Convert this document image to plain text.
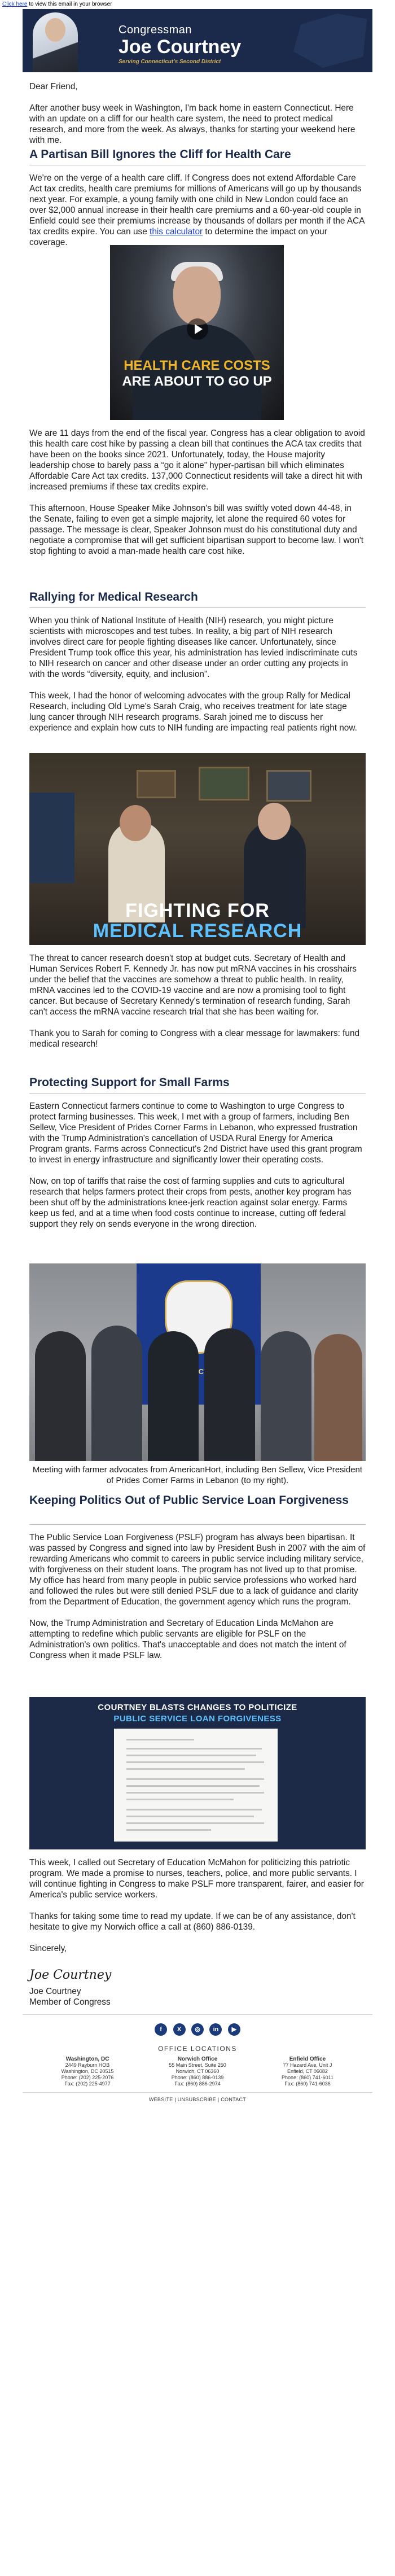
Click here to view this email in your browser
Congressman
Joe Courtney
Serving Connecticut's Second District

Dear Friend,

After another busy week in Washington, I'm back home in eastern Connecticut. Here with an update on a cliff for our health care system, the need to protect medical research, and more from the week. As always, thanks for starting your weekend here with me.

A Partisan Bill Ignores the Cliff for Health Care

We're on the verge of a health care cliff. If Congress does not extend Affordable Care Act tax credits, health care premiums for millions of Americans will go up by thousands next year. For example, a young family with one child in New London could face an over $2,000 annual increase in their health care premiums and a 60-year-old couple in Enfield could see their premiums increase by thousands of dollars per month if the ACA tax credits expire. You can use this calculator to determine the impact on your coverage.

HEALTH CARE COSTS
ARE ABOUT TO GO UP

We are 11 days from the end of the fiscal year. Congress has a clear obligation to avoid this health care cost hike by passing a clean bill that continues the ACA tax credits that have been on the books since 2021. Unfortunately, today, the House majority leadership chose to barely pass a “go it alone” hyper-partisan bill which eliminates Affordable Care Act tax credits. 137,000 Connecticut residents will take a direct hit with increased premiums if these tax credits expire.

This afternoon, House Speaker Mike Johnson's bill was swiftly voted down 44-48, in the Senate, failing to even get a simple majority, let alone the required 60 votes for passage. The message is clear, Speaker Johnson must do his constitutional duty and negotiate a compromise that will get sufficient bipartisan support to become law. I won't stop fighting to avoid a man-made health care cost hike.

Rallying for Medical Research

When you think of National Institute of Health (NIH) research, you might picture scientists with microscopes and test tubes. In reality, a big part of NIH research involves direct care for people fighting diseases like cancer. Unfortunately, since President Trump took office this year, his administration has levied indiscriminate cuts to NIH research on cancer and other disease under an order cutting any projects in with the words “diversity, equity, and inclusion”.

This week, I had the honor of welcoming advocates with the group Rally for Medical Research, including Old Lyme's Sarah Craig, who receives treatment for late stage lung cancer through NIH research programs. Sarah joined me to discuss her experience and explain how cuts to NIH funding are impacting real patients right now.

FIGHTING FOR
MEDICAL RESEARCH

The threat to cancer research doesn't stop at budget cuts. Secretary of Health and Human Services Robert F. Kennedy Jr. has now put mRNA vaccines in his crosshairs under the belief that the vaccines are somehow a threat to public health. In reality, mRNA vaccines led to the COVID-19 vaccine and are now a promising tool to fight cancer. But because of Secretary Kennedy's termination of research funding, Sarah can't access the mRNA vaccine research trial that she has been waiting for.

Thank you to Sarah for coming to Congress with a clear message for lawmakers: fund medical research!

Protecting Support for Small Farms

Eastern Connecticut farmers continue to come to Washington to urge Congress to protect farming businesses. This week, I met with a group of farmers, including Ben Sellew, Vice President of Prides Corner Farms in Lebanon, who expressed frustration with the Trump Administration's cancellation of USDA Rural Energy for America Program grants. Farms across Connecticut's 2nd District have used this grant program to invest in energy infrastructure and significantly lower their operating costs.

Now, on top of tariffs that raise the cost of farming supplies and cuts to agricultural research that helps farmers protect their crops from pests, another key program has been shut off by the administrations knee-jerk reaction against solar energy. Farms keep us fed, and at a time when food costs continue to increase, cutting off federal support they rely on sends everyone in the wrong direction.

Meeting with farmer advocates from AmericanHort, including Ben Sellew, Vice President of Prides Corner Farms in Lebanon (to my right).
Keeping Politics Out of Public Service Loan Forgiveness

The Public Service Loan Forgiveness (PSLF) program has always been bipartisan. It was passed by Congress and signed into law by President Bush in 2007 with the aim of rewarding Americans who commit to careers in public service including military service, with forgiveness on their student loans. The program has not lived up to that promise. My office has heard from many people in public service professions who worked hard and followed the rules but were still denied PSLF due to a lack of guidance and clarity from the Department of Education, the government agency which runs the program.

Now, the Trump Administration and Secretary of Education Linda McMahon are attempting to redefine which public servants are eligible for PSLF on the Administration's own politics. That's unacceptable and does not match the intent of Congress when it made PSLF law.

COURTNEY BLASTS CHANGES TO POLITICIZE
PUBLIC SERVICE LOAN FORGIVENESS

This week, I called out Secretary of Education McMahon for politicizing this patriotic program. We made a promise to nurses, teachers, police, and more public servants. I will continue fighting in Congress to make PSLF more transparent, fairer, and easier for America's public service workers.

Thanks for taking some time to read my update. If we can be of any assistance, don't hesitate to give my Norwich office a call at (860) 886-0139.

Sincerely,

Joe Courtney
Joe Courtney
Member of Congress
f X ◎ in ▶
OFFICE LOCATIONS
Washington, DC
2449 Rayburn HOB
Washington, DC 20515
Phone: (202) 225-2076
Fax: (202) 225-4977
Norwich Office
55 Main Street, Suite 250
Norwich, CT 06360
Phone: (860) 886-0139
Fax: (860) 886-2974
Enfield Office
77 Hazard Ave, Unit J
Enfield, CT 06082
Phone: (860) 741-6011
Fax: (860) 741-6036
WEBSITE | UNSUBSCRIBE | CONTACT
